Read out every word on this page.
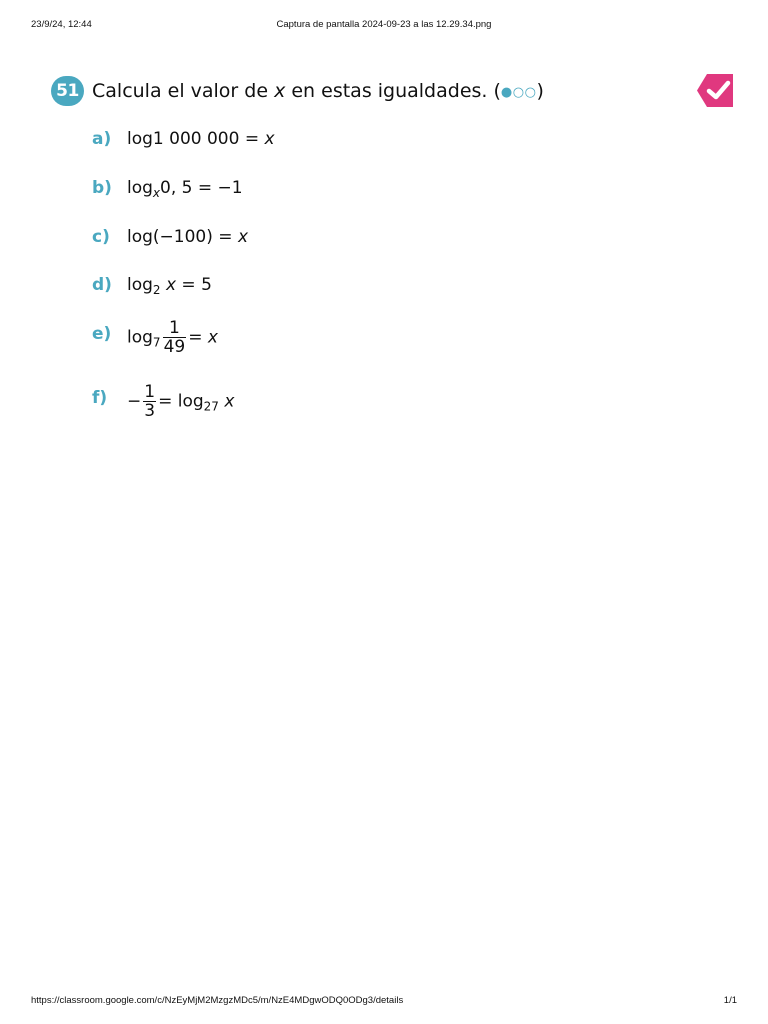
23/9/24, 12:44	Captura de pantalla 2024-09-23 a las 12.29.34.png
51 Calcula el valor de x en estas igualdades. (●○○)
a) log1 000 000 = x
b) $\log_x0$, 5 = −1
c) log(−100) = x
d) $\log_2 x = 5$
e) $\log_7 \frac{1}{49} = x$
$f) - \frac{1}{3} = \log_{27} x$
https://classroom.google.com/c/NzEyMjM2MzgzMDc5/m/NzE4MDgwODQ0ODg3/details	1/1
